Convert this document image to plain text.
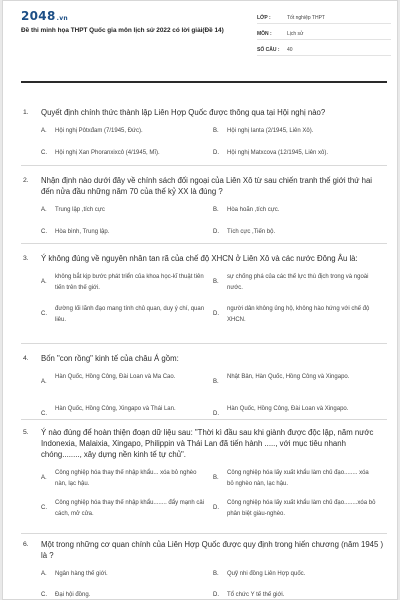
2048.vn
Đề thi minh họa THPT Quốc gia môn lịch sử 2022 có lời giải(Đề 14)
LỚP :	Tốt nghiệp THPT
MÔN :	Lịch sử
SỐ CÂU :	40
1.	Quyết định chính thức thành lập Liên Hợp Quốc được thông qua tại Hội nghị nào?
A.	Hội nghị Pôtxđam (7/1945, Đức).	B.	Hội nghị Ianta (2/1945, Liên Xô).
C.	Hội nghị Xan Phoranxixcô (4/1945, Mĩ).	D.	Hội nghị Matxcova (12/1945, Liên xô).
2.	Nhận định nào dưới đây về chính sách đối ngoại của Liên Xô từ sau chiến tranh thế giới thứ hai đến nửa đầu những năm 70 của thế kỷ XX là đúng ?
A.	Trung lập ,tích cực	B.	Hòa hoãn ,tích cực.
C.	Hòa bình, Trung lập.	D.	Tích cực ,Tiến bộ.
3.	Ý không đúng về nguyên nhân tan rã của chế độ XHCN ở Liên Xô và các nước Đông Âu là:
A.
không bắt kịp bước phát triển của khoa học-kĩ thuật tiên tiến trên thế giới.
B.
sự chống phá của các thế lực thù địch trong và ngoài nước.
C.
đường lối lãnh đạo mang tính chủ quan, duy ý chí, quan liêu.
D.
người dân không ủng hộ, không hào hứng với chế độ XHCN.
4.	Bốn "con rồng" kinh tế của châu Á gồm:
A.
Hàn Quốc, Hồng Công, Đài Loan và Ma Cao.
B.
Nhật Bản, Hàn Quốc, Hồng Công và Xingapo.
C.
Hàn Quốc, Hồng Công, Xingapo và Thái Lan.
D.
Hàn Quốc, Hồng Công, Đài Loan và Xingapo.
5.	Ý nào đúng để hoàn thiện đoạn dữ liệu sau: "Thời kì đầu sau khi giành được độc lập, năm nước Indonexia, Malaixia, Xingapo, Philippin và Thái Lan đã tiến hành ....., với mục tiêu nhanh chóng........, xây dựng nền kinh tế tự chủ".
A.
Công nghiệp hóa thay thế nhập khẩu... xóa bỏ nghèo nàn, lạc hậu.
B.
Công nghiệp hóa lấy xuất khẩu làm chủ đạo........ xóa bỏ nghèo nàn, lạc hậu.
C.
Công nghiệp hóa thay thế nhập khẩu........ đẩy mạnh cải cách, mở cửa.
D.
Công nghiệp hóa lấy xuất khẩu làm chủ đạo........xóa bỏ phân biệt giàu-nghèo.
6.	Một trong những cơ quan chính của Liên Hợp Quốc được quy định trong hiến chương (năm 1945 ) là ?
A.	Ngân hàng thế giới.	B.	Quỹ nhi đồng Liên Hợp quốc.
C.	Đại hội đồng.	D.	Tổ chức Y tế thế giới.
